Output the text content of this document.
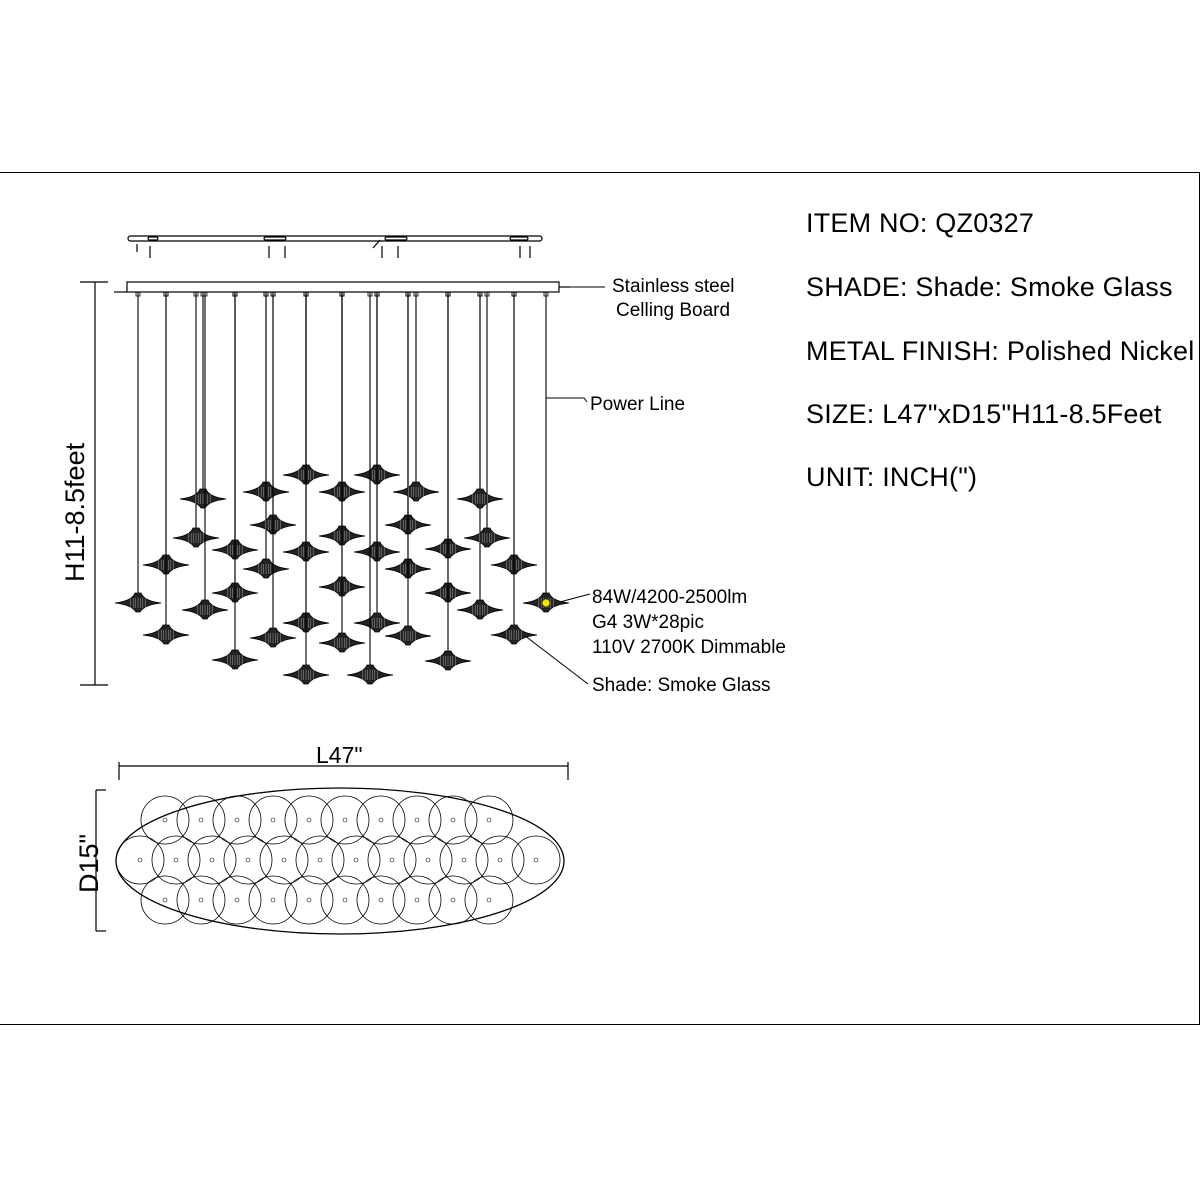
ITEM NO: QZ0327
SHADE: Shade: Smoke Glass
METAL FINISH: Polished Nickel
SIZE: L47"xD15"H11-8.5Feet
UNIT: INCH(")
Stainless steel
Celling Board
Power Line
84W/4200-2500lm
G4 3W*28pic
110V 2700K Dimmable
Shade: Smoke Glass
H11-8.5feet
L47"
D15"
